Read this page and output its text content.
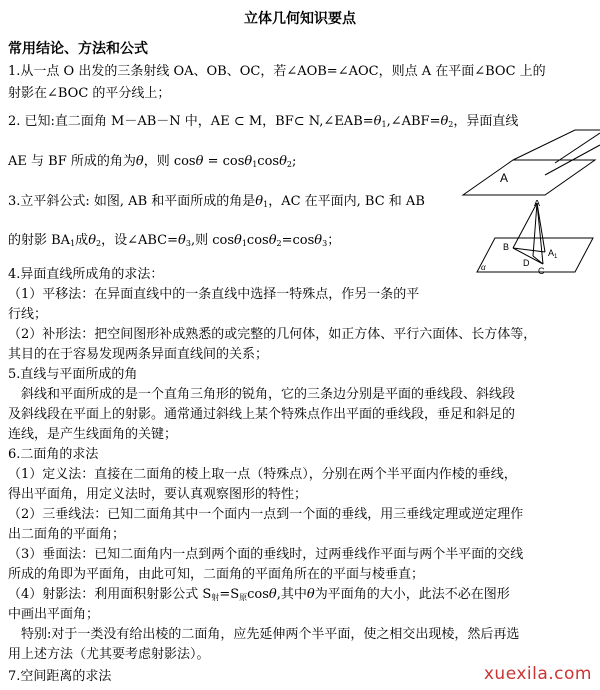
立体几何知识要点
常用结论、方法和公式
1.从一点 O 出发的三条射线 OA、OB、OC，若∠AOB=∠AOC，则点 A 在平面∠BOC 上的
射影在∠BOC 的平分线上；
2. 已知:直二面角 M－AB－N 中，AE ⊂ M，BF⊂ $N,\angle EAB=\theta_1,\angle ABF=\theta_2$，异面直线
AE 与 BF 所成的角为θ，则 cosθ = cosθ$_1$cosθ$_2$;
3.立平斜公式: 如图, AB 和平面所成的角是$\theta_1$，AC 在平面内, BC 和 AB
的射影 $BA_1$成$\theta_2$，设$\angle ABC=\theta_3$,则 cosθ$_1$cosθ$_2$=cosθ$_3$；
4.异面直线所成角的求法：
（1）平移法：在异面直线中的一条直线中选择一特殊点，作另一条的平
行线；
（2）补形法：把空间图形补成熟悉的或完整的几何体，如正方体、平行六面体、长方体等，
其目的在于容易发现两条异面直线间的关系；
5.直线与平面所成的角
　斜线和平面所成的是一个直角三角形的锐角，它的三条边分别是平面的垂线段、斜线段
及斜线段在平面上的射影。通常通过斜线上某个特殊点作出平面的垂线段，垂足和斜足的
连线，是产生线面角的关键；
6.二面角的求法
（1）定义法：直接在二面角的棱上取一点（特殊点），分别在两个半平面内作棱的垂线，
得出平面角，用定义法时，要认真观察图形的特性；
（2）三垂线法：已知二面角其中一个面内一点到一个面的垂线，用三垂线定理或逆定理作
出二面角的平面角；
（3）垂面法：已知二面角内一点到两个面的垂线时，过两垂线作平面与两个半平面的交线
所成的角即为平面角，由此可知，二面角的平面角所在的平面与棱垂直；
（4）射影法：利用面积射影公式 $S_射=S_原\cos\theta$,其中θ为平面角的大小，此法不必在图形
中画出平面角；
　特别:对于一类没有给出棱的二面角，应先延伸两个半平面，使之相交出现棱，然后再选
用上述方法（尤其要考虑射影法）。
7.空间距离的求法
A
A
B
$A_1$
D
C
α
xuexila.com
